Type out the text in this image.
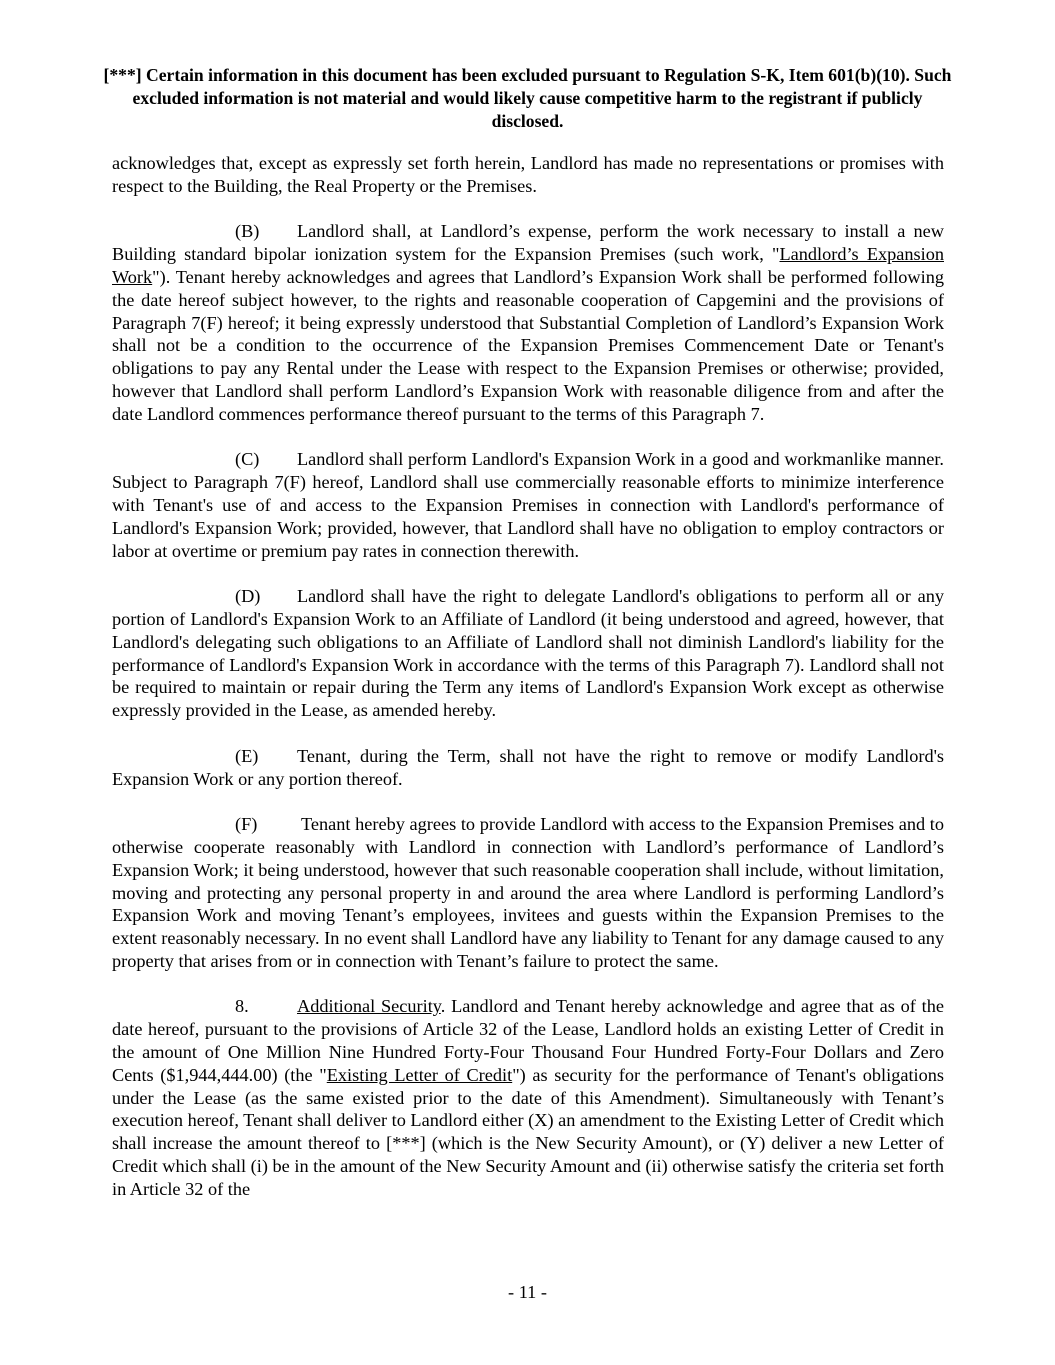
[***] Certain information in this document has been excluded pursuant to Regulation S-K, Item 601(b)(10). Such excluded information is not material and would likely cause competitive harm to the registrant if publicly disclosed.

acknowledges that, except as expressly set forth herein, Landlord has made no representations or promises with respect to the Building, the Real Property or the Premises.

(B) Landlord shall, at Landlord’s expense, perform the work necessary to install a new Building standard bipolar ionization system for the Expansion Premises (such work, "Landlord’s Expansion Work"). Tenant hereby acknowledges and agrees that Landlord’s Expansion Work shall be performed following the date hereof subject however, to the rights and reasonable cooperation of Capgemini and the provisions of Paragraph 7(F) hereof; it being expressly understood that Substantial Completion of Landlord’s Expansion Work shall not be a condition to the occurrence of the Expansion Premises Commencement Date or Tenant's obligations to pay any Rental under the Lease with respect to the Expansion Premises or otherwise; provided, however that Landlord shall perform Landlord’s Expansion Work with reasonable diligence from and after the date Landlord commences performance thereof pursuant to the terms of this Paragraph 7.

(C) Landlord shall perform Landlord's Expansion Work in a good and workmanlike manner. Subject to Paragraph 7(F) hereof, Landlord shall use commercially reasonable efforts to minimize interference with Tenant's use of and access to the Expansion Premises in connection with Landlord's performance of Landlord's Expansion Work; provided, however, that Landlord shall have no obligation to employ contractors or labor at overtime or premium pay rates in connection therewith.

(D) Landlord shall have the right to delegate Landlord's obligations to perform all or any portion of Landlord's Expansion Work to an Affiliate of Landlord (it being understood and agreed, however, that Landlord's delegating such obligations to an Affiliate of Landlord shall not diminish Landlord's liability for the performance of Landlord's Expansion Work in accordance with the terms of this Paragraph 7). Landlord shall not be required to maintain or repair during the Term any items of Landlord's Expansion Work except as otherwise expressly provided in the Lease, as amended hereby.

(E) Tenant, during the Term, shall not have the right to remove or modify Landlord's Expansion Work or any portion thereof.

(F) Tenant hereby agrees to provide Landlord with access to the Expansion Premises and to otherwise cooperate reasonably with Landlord in connection with Landlord’s performance of Landlord’s Expansion Work; it being understood, however that such reasonable cooperation shall include, without limitation, moving and protecting any personal property in and around the area where Landlord is performing Landlord’s Expansion Work and moving Tenant’s employees, invitees and guests within the Expansion Premises to the extent reasonably necessary. In no event shall Landlord have any liability to Tenant for any damage caused to any property that arises from or in connection with Tenant’s failure to protect the same.

8.	Additional Security. Landlord and Tenant hereby acknowledge and agree that as of the date hereof, pursuant to the provisions of Article 32 of the Lease, Landlord holds an existing Letter of Credit in the amount of One Million Nine Hundred Forty-Four Thousand Four Hundred Forty-Four Dollars and Zero Cents ($1,944,444.00) (the "Existing Letter of Credit") as security for the performance of Tenant's obligations under the Lease (as the same existed prior to the date of this Amendment). Simultaneously with Tenant’s execution hereof, Tenant shall deliver to Landlord either (X) an amendment to the Existing Letter of Credit which shall increase the amount thereof to [***] (which is the New Security Amount), or (Y) deliver a new Letter of Credit which shall (i) be in the amount of the New Security Amount and (ii) otherwise satisfy the criteria set forth in Article 32 of the

- 11 -
